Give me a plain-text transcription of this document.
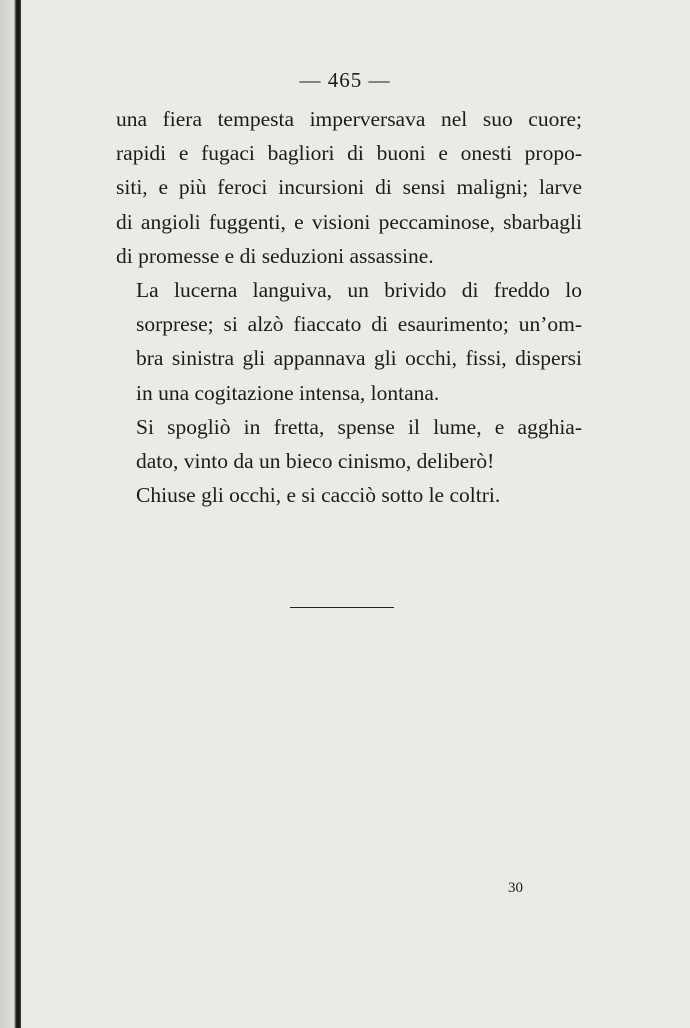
— 465 —

una fiera tempesta imperversava nel suo cuore;
rapidi e fugaci bagliori di buoni e onesti propo-
siti, e più feroci incursioni di sensi maligni; larve
di angioli fuggenti, e visioni peccaminose, sbarbagli
di promesse e di seduzioni assassine.

La lucerna languiva, un brivido di freddo lo
sorprese; si alzò fiaccato di esaurimento; un’om-
bra sinistra gli appannava gli occhi, fissi, dispersi
in una cogitazione intensa, lontana.

Si spogliò in fretta, spense il lume, e agghia-
dato, vinto da un bieco cinismo, deliberò!

Chiuse gli occhi, e si cacciò sotto le coltri.

30
